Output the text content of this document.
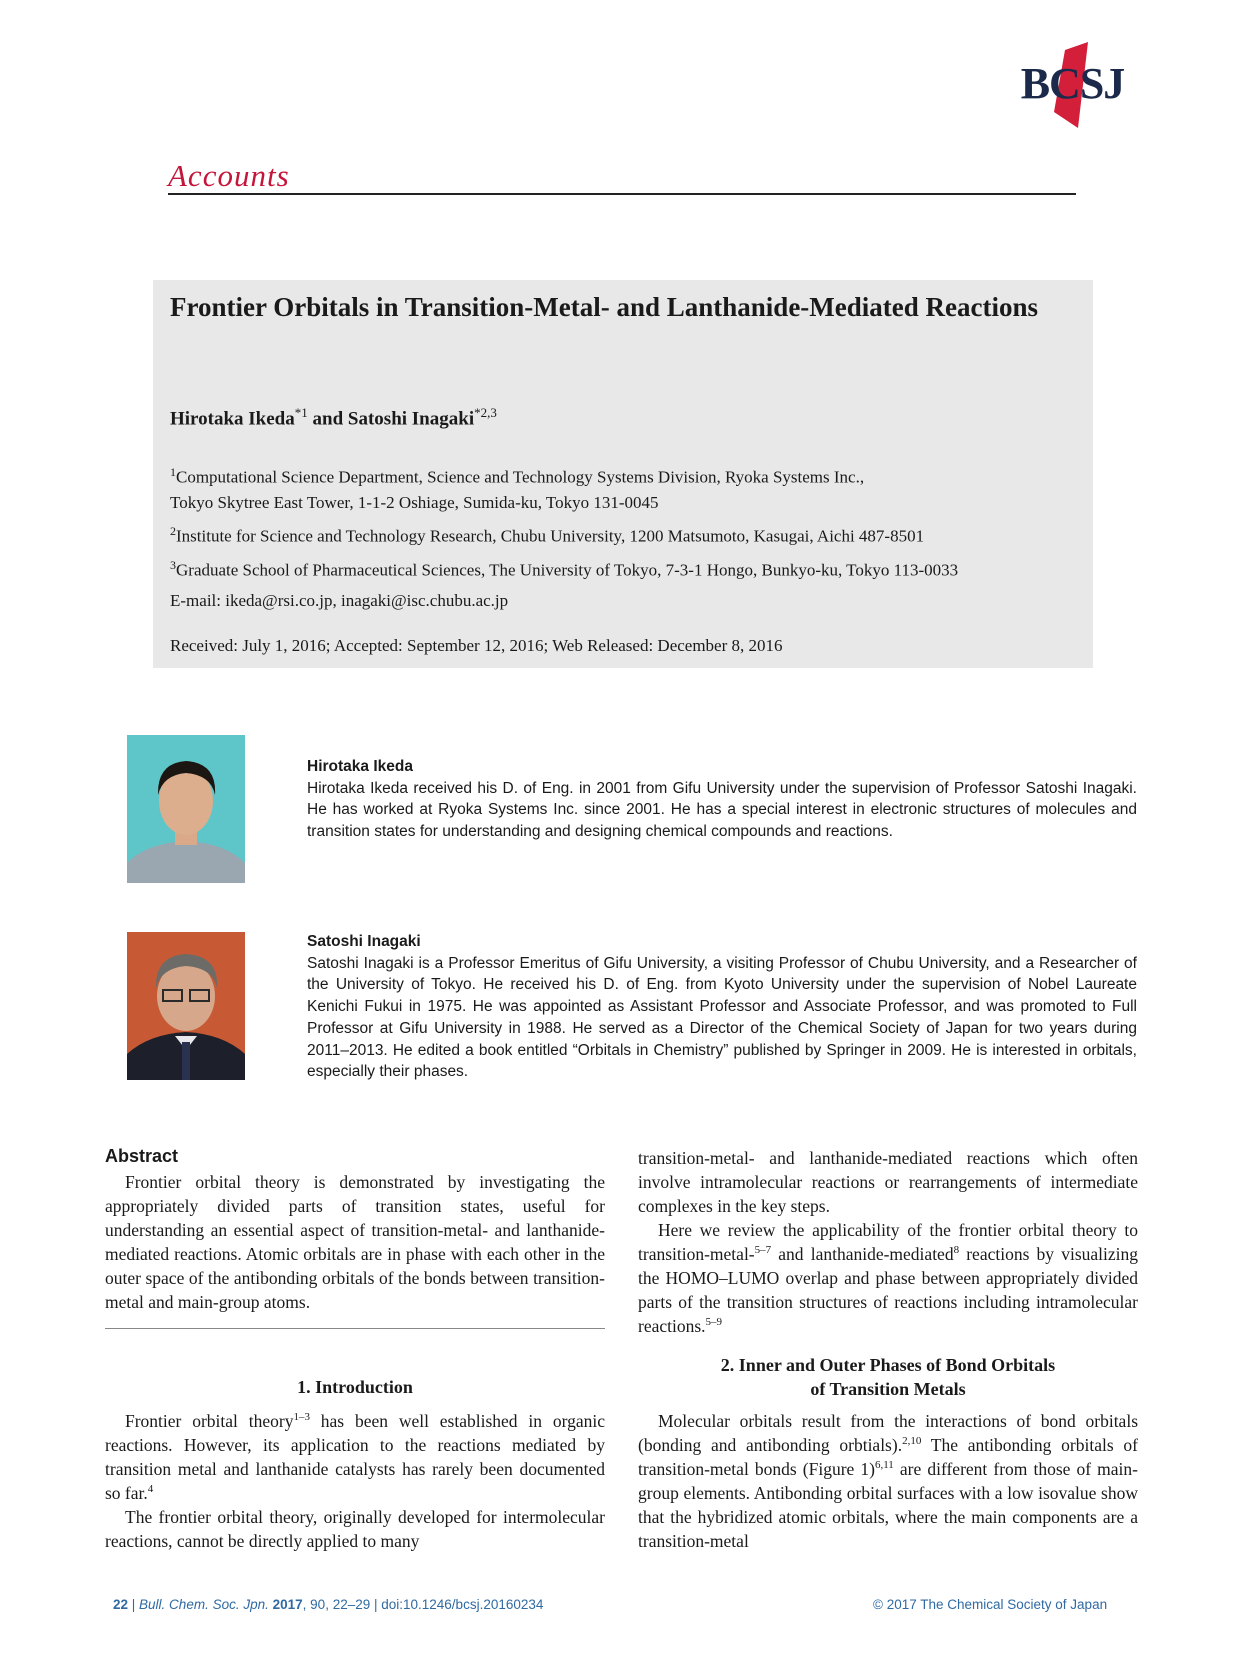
BCSJ
Accounts
Frontier Orbitals in Transition-Metal- and Lanthanide-Mediated Reactions
Hirotaka Ikeda$^{*1}$ and Satoshi Inagaki$^{*2,3}$
$^1$Computational Science Department, Science and Technology Systems Division, Ryoka Systems Inc.,
Tokyo Skytree East Tower, 1-1-2 Oshiage, Sumida-ku, Tokyo 131-0045
$^2$Institute for Science and Technology Research, Chubu University, 1200 Matsumoto, Kasugai, Aichi 487-8501
$^3$Graduate School of Pharmaceutical Sciences, The University of Tokyo, 7-3-1 Hongo, Bunkyo-ku, Tokyo 113-0033
E-mail: ikeda@rsi.co.jp, inagaki@isc.chubu.ac.jp
Received: July 1, 2016; Accepted: September 12, 2016; Web Released: December 8, 2016
Hirotaka Ikeda
Hirotaka Ikeda received his D. of Eng. in 2001 from Gifu University under the supervision of Professor Satoshi Inagaki. He has worked at Ryoka Systems Inc. since 2001. He has a special interest in electronic structures of molecules and transition states for understanding and designing chemical compounds and reactions.
Satoshi Inagaki
Satoshi Inagaki is a Professor Emeritus of Gifu University, a visiting Professor of Chubu University, and a Researcher of the University of Tokyo. He received his D. of Eng. from Kyoto University under the supervision of Nobel Laureate Kenichi Fukui in 1975. He was appointed as Assistant Professor and Associate Professor, and was promoted to Full Professor at Gifu University in 1988. He served as a Director of the Chemical Society of Japan for two years during 2011–2013. He edited a book entitled “Orbitals in Chemistry” published by Springer in 2009. He is interested in orbitals, especially their phases.
Abstract

Frontier orbital theory is demonstrated by investigating the appropriately divided parts of transition states, useful for understanding an essential aspect of transition-metal- and lanthanide-mediated reactions. Atomic orbitals are in phase with each other in the outer space of the antibonding orbitals of the bonds between transition-metal and main-group atoms.

1. Introduction

Frontier orbital theory$^{1-3}$ has been well established in organic reactions. However, its application to the reactions mediated by transition metal and lanthanide catalysts has rarely been documented so far.$^4$

The frontier orbital theory, originally developed for intermolecular reactions, cannot be directly applied to many

transition-metal- and lanthanide-mediated reactions which often involve intramolecular reactions or rearrangements of intermediate complexes in the key steps.

Here we review the applicability of the frontier orbital theory to transition-metal-$^{5-7}$ and lanthanide-mediated$^8$ reactions by visualizing the HOMO–LUMO overlap and phase between appropriately divided parts of the transition structures of reactions including intramolecular reactions.$^{5-9}$

2. Inner and Outer Phases of Bond Orbitals
of Transition Metals

Molecular orbitals result from the interactions of bond orbitals (bonding and antibonding orbtials).$^{2,10}$ The antibonding orbitals of transition-metal bonds (Figure 1)$^{6,11}$ are different from those of main-group elements. Antibonding orbital surfaces with a low isovalue show that the hybridized atomic orbitals, where the main components are a transition-metal

22 | Bull. Chem. Soc. Jpn. 2017, 90, 22–29 | doi:10.1246/bcsj.20160234	© 2017 The Chemical Society of Japan
